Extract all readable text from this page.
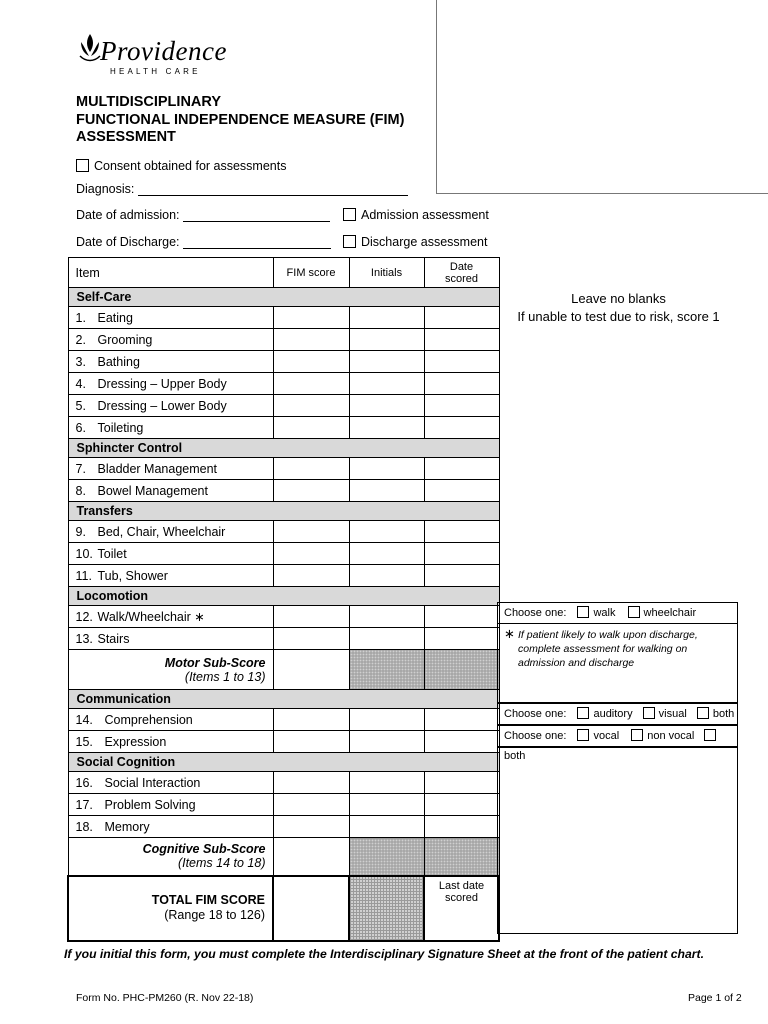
Providence
HEALTH CARE
MULTIDISCIPLINARY
FUNCTIONAL INDEPENDENCE MEASURE (FIM)
ASSESSMENT
Consent obtained for assessments
Diagnosis:
Date of admission:	Admission assessment
Date of Discharge:	Discharge assessment
Item	FIM score	Initials	Date scored
Self-Care			
1. Eating			
2. Grooming			
3. Bathing			
4. Dressing – Upper Body			
5. Dressing – Lower Body			
6. Toileting			
Sphincter Control			
7. Bladder Management			
8. Bowel Management			
Transfers			
9. Bed, Chair, Wheelchair			
10. Toilet			
11. Tub, Shower			
Locomotion			
12. Walk/Wheelchair ∗			
13. Stairs			
Motor Sub-Score
(Items 1 to 13)			
Communication			
14. Comprehension			
15. Expression			
Social Cognition			
16. Social Interaction			
17. Problem Solving			
18. Memory			
Cognitive Sub-Score
(Items 14 to 18)			
TOTAL FIM SCORE
(Range 18 to 126)			Last date scored
Leave no blanks
If unable to test due to risk, score 1
Choose one: walk	wheelchair
∗ If patient likely to walk upon discharge, complete assessment for walking on admission and discharge
Choose one: auditory visual both
Choose one: vocal	non vocal both
If you initial this form, you must complete the Interdisciplinary Signature Sheet at the front of the patient chart.
Form No. PHC-PM260 (R. Nov 22-18)	Page 1 of 2
